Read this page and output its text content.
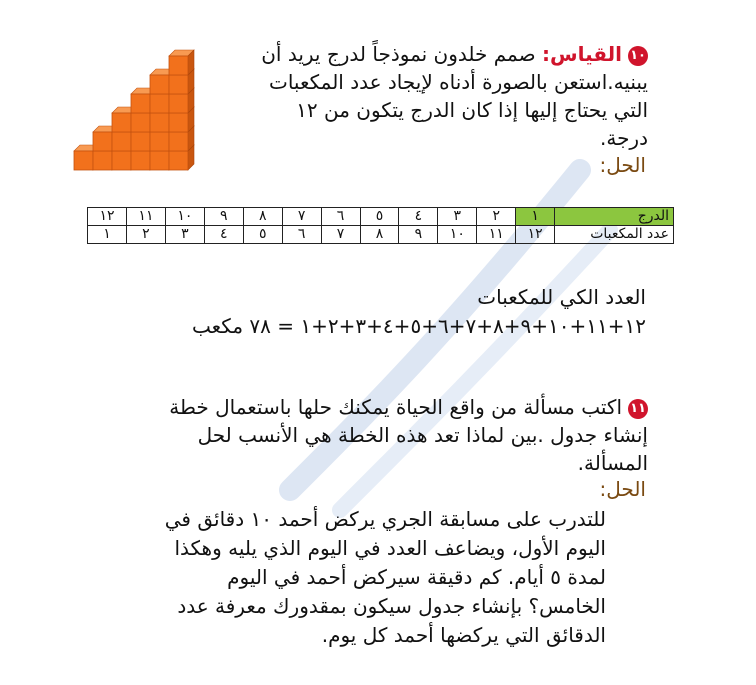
١٠القياس: صمم خلدون نموذجاً لدرج يريد أن يبنيه.استعن بالصورة أدناه لإيجاد عدد المكعبات التي يحتاج إليها إذا كان الدرج يتكون من ١٢ درجة.
الحل:
الدرج	١	٢	٣	٤	٥	٦	٧	٨	٩	١٠	١١	١٢
عدد المكعبات	١٢	١١	١٠	٩	٨	٧	٦	٥	٤	٣	٢	١
العدد الكي للمكعبات
١٢+١١+١٠+٩+٨+٧+٦+٥+٤+٣+٢+١ = ٧٨ مكعب
١١اكتب مسألة من واقع الحياة يمكنك حلها باستعمال خطة إنشاء جدول .بين لماذا تعد هذه الخطة هي الأنسب لحل المسألة.
الحل:
للتدرب على مسابقة الجري يركض أحمد ١٠ دقائق في اليوم الأول، ويضاعف العدد في اليوم الذي يليه وهكذا لمدة ٥ أيام. كم دقيقة سيركض أحمد في اليوم الخامس؟ بإنشاء جدول سيكون بمقدورك معرفة عدد الدقائق التي يركضها أحمد كل يوم.
